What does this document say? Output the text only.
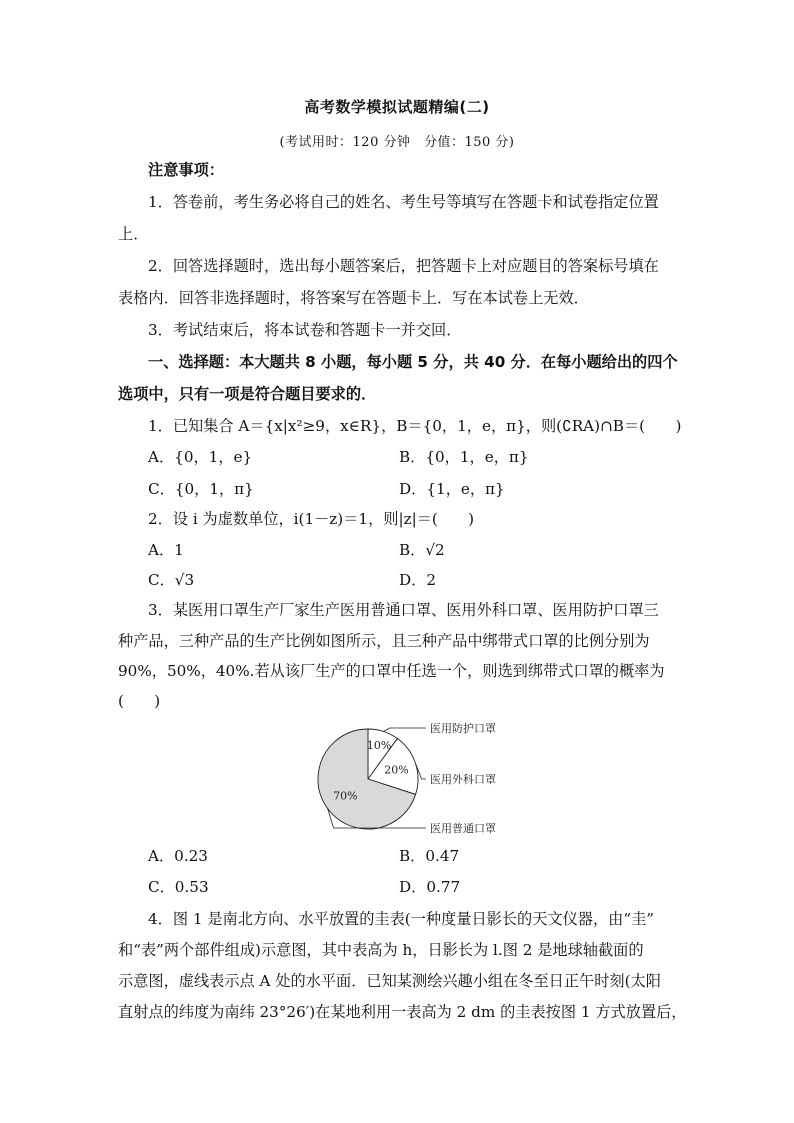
高考数学模拟试题精编(二)
(考试用时：120 分钟　分值：150 分)
注意事项：
1．答卷前，考生务必将自己的姓名、考生号等填写在答题卡和试卷指定位置
上．
2．回答选择题时，选出每小题答案后，把答题卡上对应题目的答案标号填在
表格内．回答非选择题时，将答案写在答题卡上．写在本试卷上无效．
3．考试结束后，将本试卷和答题卡一并交回．
一、选择题：本大题共 8 小题，每小题 5 分，共 40 分．在每小题给出的四个
选项中，只有一项是符合题目要求的．
1．已知集合 A＝{x|x²≥9，x∈R}，B＝{0，1，e，π}，则(∁RA)∩B＝(　　)
A．{0，1，e}	B．{0，1，e，π}
C．{0，1，π}	D．{1，e，π}
2．设 i 为虚数单位，i(1－z)＝1，则|z|＝(　　)
A．1	B．√2
C．√3	D．2
3．某医用口罩生产厂家生产医用普通口罩、医用外科口罩、医用防护口罩三
种产品，三种产品的生产比例如图所示，且三种产品中绑带式口罩的比例分别为
90%，50%，40%.若从该厂生产的口罩中任选一个，则选到绑带式口罩的概率为
(　　)
10%
20%
70%
医用防护口罩
医用外科口罩
医用普通口罩
A．0.23	B．0.47
C．0.53	D．0.77
4．图 1 是南北方向、水平放置的圭表(一种度量日影长的天文仪器，由“圭”
和“表”两个部件组成)示意图，其中表高为 h，日影长为 l.图 2 是地球轴截面的
示意图，虚线表示点 A 处的水平面．已知某测绘兴趣小组在冬至日正午时刻(太阳
直射点的纬度为南纬 23°26′)在某地利用一表高为 2 dm 的圭表按图 1 方式放置后，
